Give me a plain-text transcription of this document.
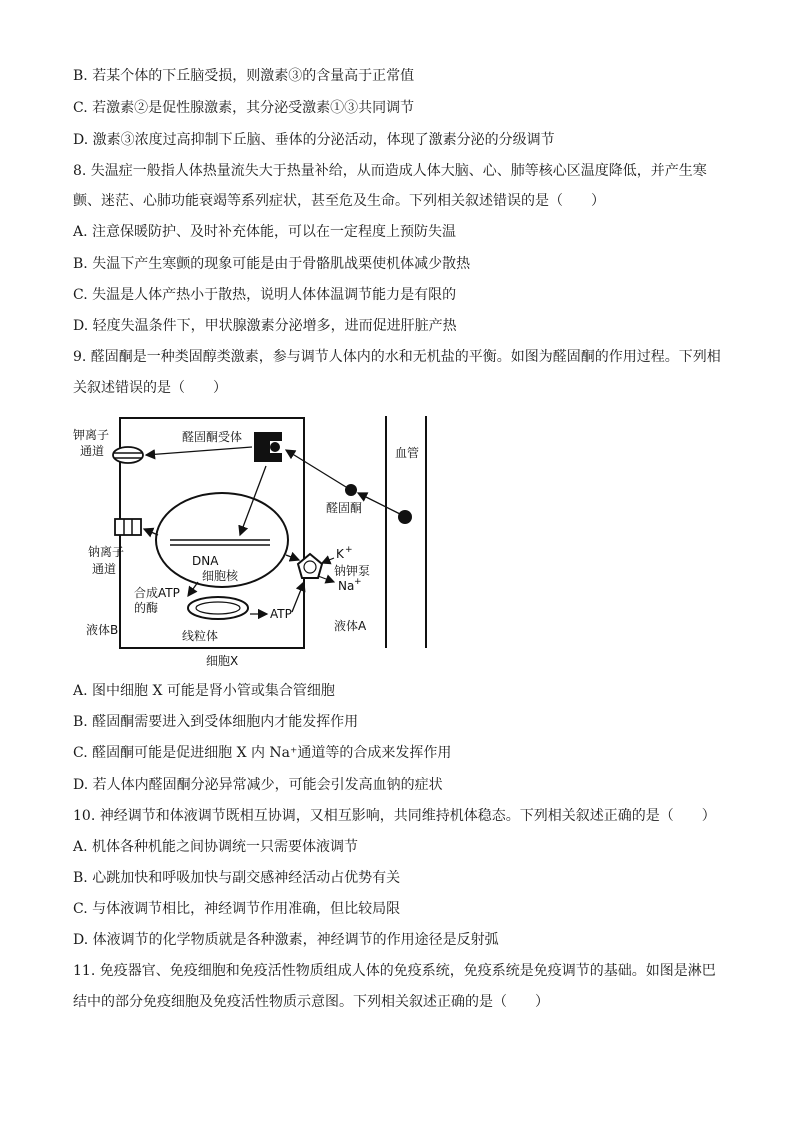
B. 若某个体的下丘脑受损，则激素③的含量高于正常值
C. 若激素②是促性腺激素，其分泌受激素①③共同调节
D. 激素③浓度过高抑制下丘脑、垂体的分泌活动，体现了激素分泌的分级调节
8. 失温症一般指人体热量流失大于热量补给，从而造成人体大脑、心、肺等核心区温度降低，并产生寒
颤、迷茫、心肺功能衰竭等系列症状，甚至危及生命。下列相关叙述错误的是（　　）
A. 注意保暖防护、及时补充体能，可以在一定程度上预防失温
B. 失温下产生寒颤的现象可能是由于骨骼肌战栗使机体减少散热
C. 失温是人体产热小于散热，说明人体体温调节能力是有限的
D. 轻度失温条件下，甲状腺激素分泌增多，进而促进肝脏产热
9. 醛固酮是一种类固醇类激素，参与调节人体内的水和无机盐的平衡。如图为醛固酮的作用过程。下列相
关叙述错误的是（　　）
钾离子
通道
醛固酮受体
血管
醛固酮
钠离子
通道
DNA
细胞核
K +
钠钾泵
Na +
合成ATP
的酶	ATP
液体B	线粒体
液体A
细胞X
A. 图中细胞 X 可能是肾小管或集合管细胞
B. 醛固酮需要进入到受体细胞内才能发挥作用
C. 醛固酮可能是促进细胞 X 内 Na⁺通道等的合成来发挥作用
D. 若人体内醛固酮分泌异常减少，可能会引发高血钠的症状
10. 神经调节和体液调节既相互协调，又相互影响，共同维持机体稳态。下列相关叙述正确的是（　　）
A. 机体各种机能之间协调统一只需要体液调节
B. 心跳加快和呼吸加快与副交感神经活动占优势有关
C. 与体液调节相比，神经调节作用准确，但比较局限
D. 体液调节的化学物质就是各种激素，神经调节的作用途径是反射弧
11. 免疫器官、免疫细胞和免疫活性物质组成人体的免疫系统，免疫系统是免疫调节的基础。如图是淋巴
结中的部分免疫细胞及免疫活性物质示意图。下列相关叙述正确的是（　　）
